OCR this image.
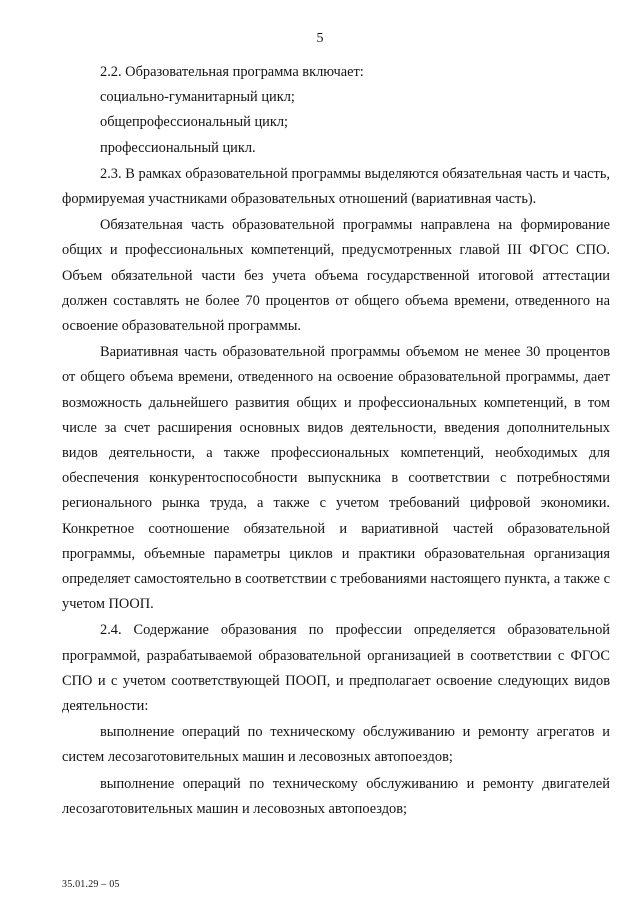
5

2.2. Образовательная программа включает:

социально-гуманитарный цикл;

общепрофессиональный цикл;

профессиональный цикл.

2.3. В рамках образовательной программы выделяются обязательная часть и часть, формируемая участниками образовательных отношений (вариативная часть).

Обязательная часть образовательной программы направлена на формирование общих и профессиональных компетенций, предусмотренных главой III ФГОС СПО. Объем обязательной части без учета объема государственной итоговой аттестации должен составлять не более 70 процентов от общего объема времени, отведенного на освоение образовательной программы.

Вариативная часть образовательной программы объемом не менее 30 процентов от общего объема времени, отведенного на освоение образовательной программы, дает возможность дальнейшего развития общих и профессиональных компетенций, в том числе за счет расширения основных видов деятельности, введения дополнительных видов деятельности, а также профессиональных компетенций, необходимых для обеспечения конкурентоспособности выпускника в соответствии с потребностями регионального рынка труда, а также с учетом требований цифровой экономики. Конкретное соотношение обязательной и вариативной частей образовательной программы, объемные параметры циклов и практики образовательная организация определяет самостоятельно в соответствии с требованиями настоящего пункта, а также с учетом ПООП.

2.4. Содержание образования по профессии определяется образовательной программой, разрабатываемой образовательной организацией в соответствии с ФГОС СПО и с учетом соответствующей ПООП, и предполагает освоение следующих видов деятельности:

выполнение операций по техническому обслуживанию и ремонту агрегатов и систем лесозаготовительных машин и лесовозных автопоездов;

выполнение операций по техническому обслуживанию и ремонту двигателей лесозаготовительных машин и лесовозных автопоездов;

35.01.29 – 05
